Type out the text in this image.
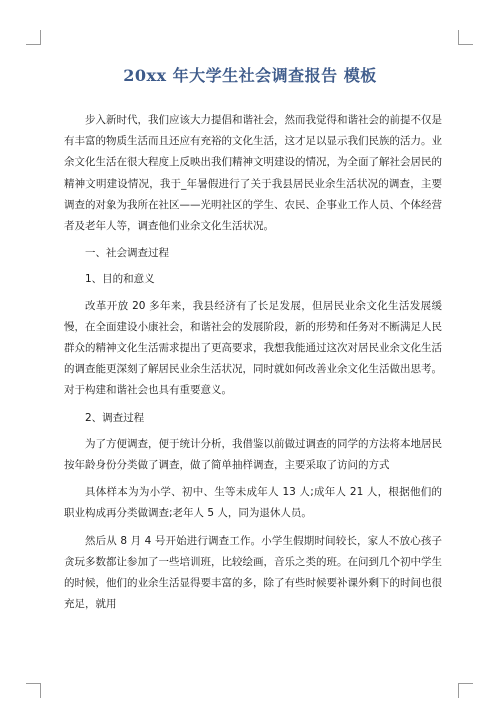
20xx 年大学生社会调查报告 模板

步入新时代，我们应该大力提倡和谐社会，然而我觉得和谐社会的前提不仅是有丰富的物质生活而且还应有充裕的文化生活，这才足以显示我们民族的活力。业余文化生活在很大程度上反映出我们精神文明建设的情况，为全面了解社会居民的精神文明建设情况，我于_年暑假进行了关于我县居民业余生活状况的调查，主要调查的对象为我所在社区——光明社区的学生、农民、企事业工作人员、个体经营者及老年人等，调查他们业余文化生活状况。

一、社会调查过程

1、目的和意义

改革开放 20 多年来，我县经济有了长足发展，但居民业余文化生活发展缓慢，在全面建设小康社会，和谐社会的发展阶段，新的形势和任务对不断满足人民群众的精神文化生活需求提出了更高要求，我想我能通过这次对居民业余文化生活的调查能更深刻了解居民业余生活状况，同时就如何改善业余文化生活做出思考。对于构建和谐社会也具有重要意义。

2、调查过程

为了方便调查，便于统计分析，我借鉴以前做过调查的同学的方法将本地居民按年龄身份分类做了调查，做了简单抽样调查，主要采取了访问的方式

具体样本为为小学、初中、生等未成年人 13 人;成年人 21 人，根据他们的职业构成再分类做调查;老年人 5 人，同为退休人员。

然后从 8 月 4 号开始进行调查工作。小学生假期时间较长，家人不放心孩子贪玩多数都让参加了一些培训班，比较绘画，音乐之类的班。在问到几个初中学生的时候，他们的业余生活显得要丰富的多，除了有些时候要补课外剩下的时间也很充足，就用
